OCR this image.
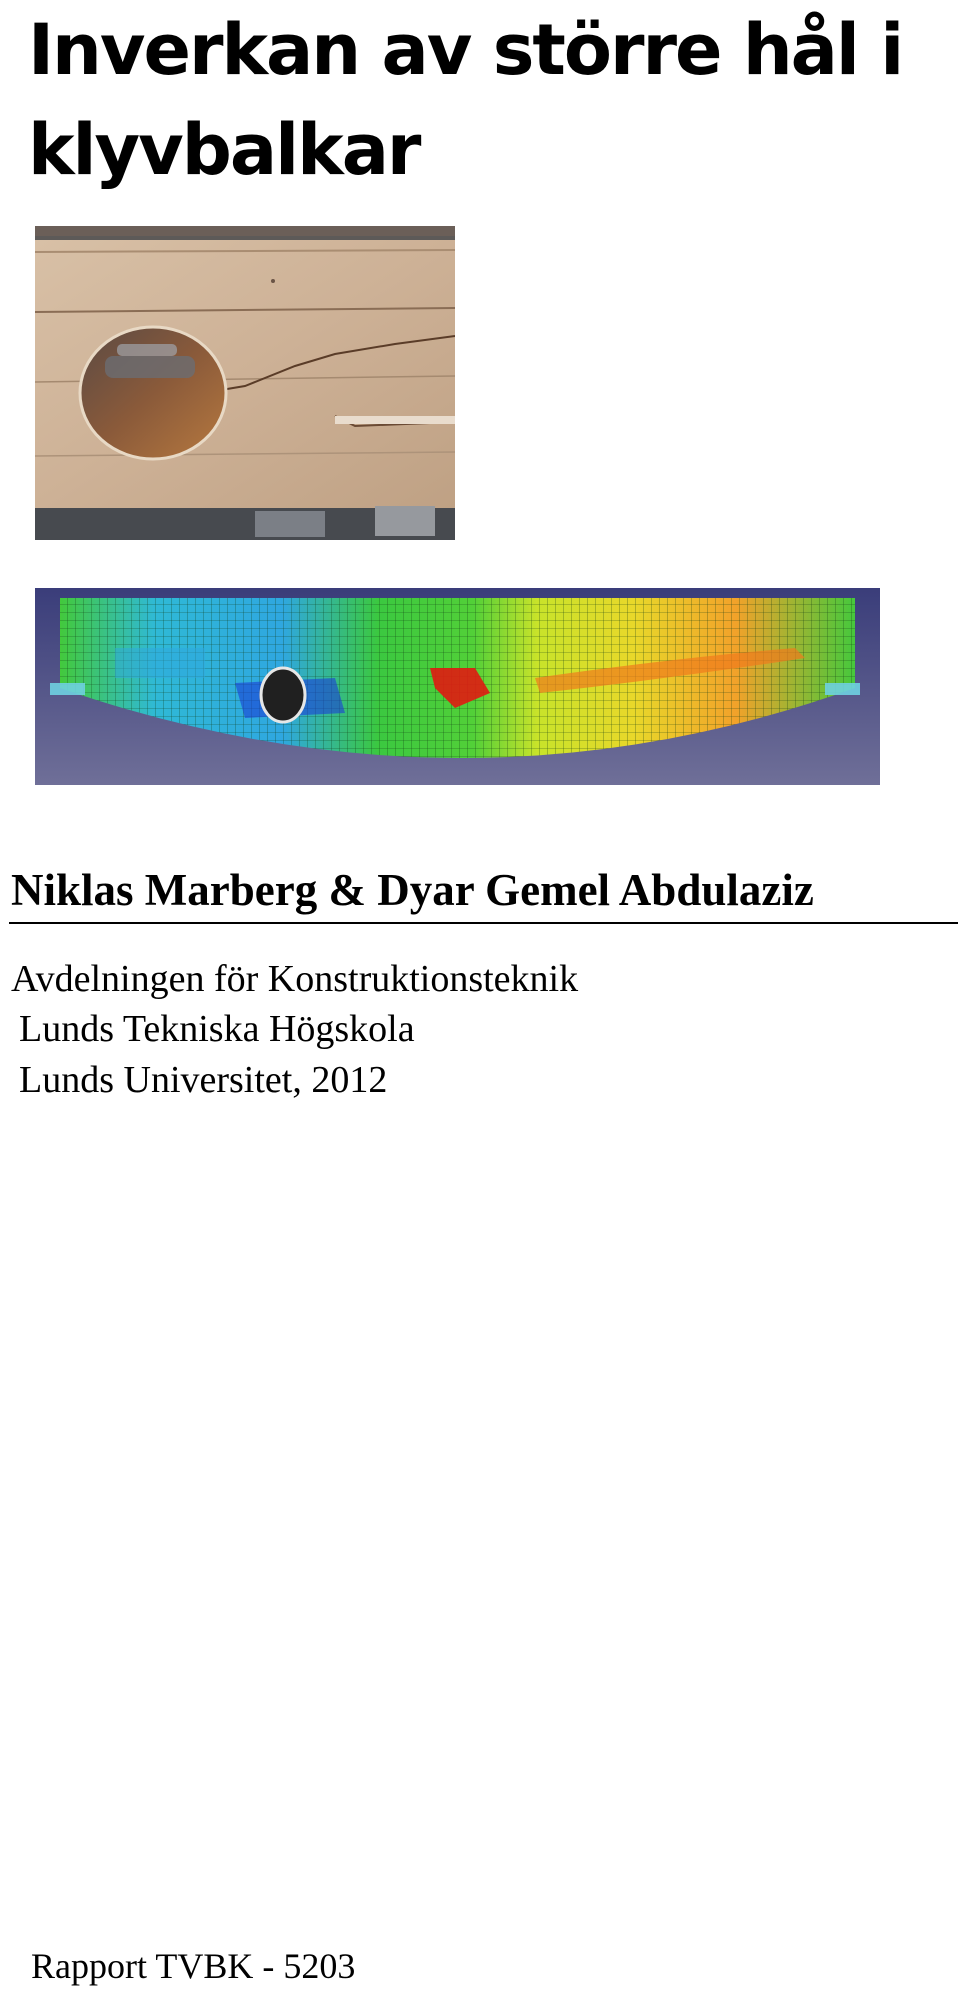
Inverkan av större hål i klyvbalkar
Niklas Marberg & Dyar Gemel Abdulaziz

Avdelningen för Konstruktionsteknik

Lunds Tekniska Högskola

Lunds Universitet, 2012

Rapport TVBK - 5203
